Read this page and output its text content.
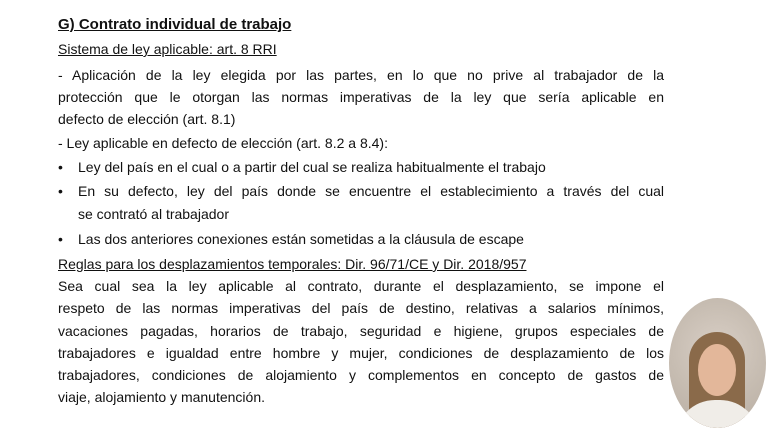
G) Contrato individual de trabajo
Sistema de ley aplicable: art. 8 RRI
- Aplicación de la ley elegida por las partes, en lo que no prive al trabajador de la
protección que le otorgan las normas imperativas de la ley que sería aplicable en
defecto de elección (art. 8.1)
- Ley aplicable en defecto de elección (art. 8.2 a 8.4):
• Ley del país en el cual o a partir del cual se realiza habitualmente el trabajo
• En su defecto, ley del país donde se encuentre el establecimiento a través del cual
se contrató al trabajador
• Las dos anteriores conexiones están sometidas a la cláusula de escape
Reglas para los desplazamientos temporales: Dir. 96/71/CE y Dir. 2018/957
Sea cual sea la ley aplicable al contrato, durante el desplazamiento, se impone el
respeto de las normas imperativas del país de destino, relativas a salarios mínimos,
vacaciones pagadas, horarios de trabajo, seguridad e higiene, grupos especiales de
trabajadores e igualdad entre hombre y mujer, condiciones de desplazamiento de los
trabajadores, condiciones de alojamiento y complementos en concepto de gastos de
viaje, alojamiento y manutención.
